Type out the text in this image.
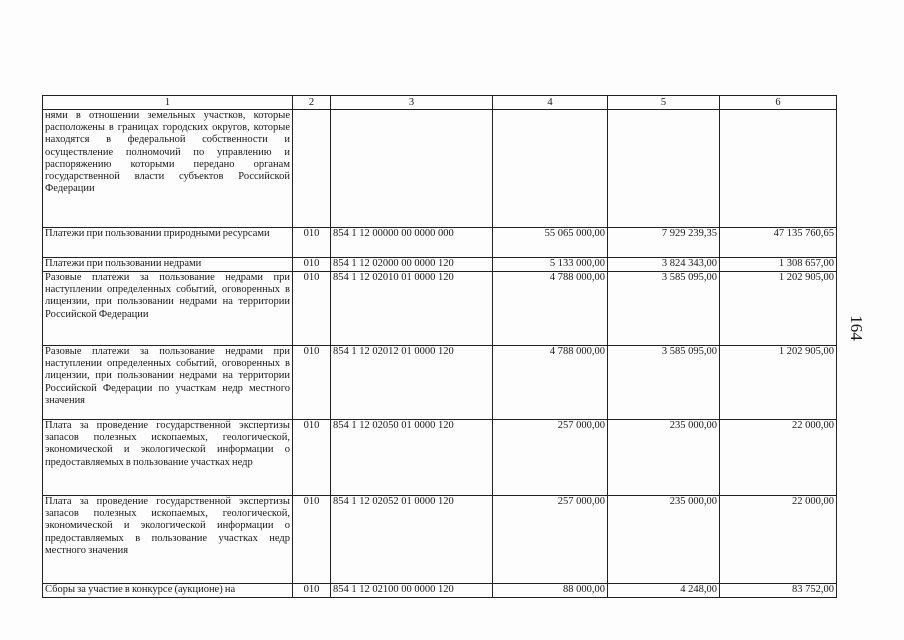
1	2	3	4	5	6
нями в отношении земельных участков, которые расположены в границах городских округов, которые находятся в федеральной собственности и осуществление полномочий по управлению и распоряжению которыми передано органам государственной власти субъектов Российской Федерации					
Платежи при пользовании природными ресурсами	010	854 1 12 00000 00 0000 000	55 065 000,00	7 929 239,35	47 135 760,65
Платежи при пользовании недрами	010	854 1 12 02000 00 0000 120	5 133 000,00	3 824 343,00	1 308 657,00
Разовые платежи за пользование недрами при наступлении определенных событий, оговоренных в лицензии, при пользовании недрами на территории Российской Федерации	010	854 1 12 02010 01 0000 120	4 788 000,00	3 585 095,00	1 202 905,00
Разовые платежи за пользование недрами при наступлении определенных событий, оговоренных в лицензии, при пользовании недрами на территории Российской Федерации по участкам недр местного значения	010	854 1 12 02012 01 0000 120	4 788 000,00	3 585 095,00	1 202 905,00
Плата за проведение государственной экспертизы запасов полезных ископаемых, геологической, экономической и экологической информации о предоставляемых в пользование участках недр	010	854 1 12 02050 01 0000 120	257 000,00	235 000,00	22 000,00
Плата за проведение государственной экспертизы запасов полезных ископаемых, геологической, экономической и экологической информации о предоставляемых в пользование участках недр местного значения	010	854 1 12 02052 01 0000 120	257 000,00	235 000,00	22 000,00
Сборы за участие в конкурсе (аукционе) на	010	854 1 12 02100 00 0000 120	88 000,00	4 248,00	83 752,00
164
